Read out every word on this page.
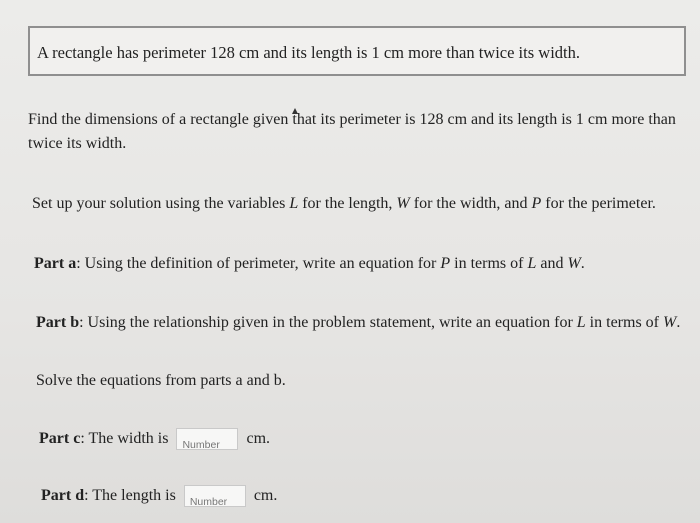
A rectangle has perimeter 128 cm and its length is 1 cm more than twice its width.
Find the dimensions of a rectangle given that its perimeter is 128 cm and its length is 1 cm more than
twice its width.
Set up your solution using the variables L for the length, W for the width, and P for the perimeter.
Part a: Using the definition of perimeter, write an equation for P in terms of L and W.
Part b: Using the relationship given in the problem statement, write an equation for L in terms of W.
Solve the equations from parts a and b.
Part c: The width is Number cm.
Part d: The length is Number cm.
